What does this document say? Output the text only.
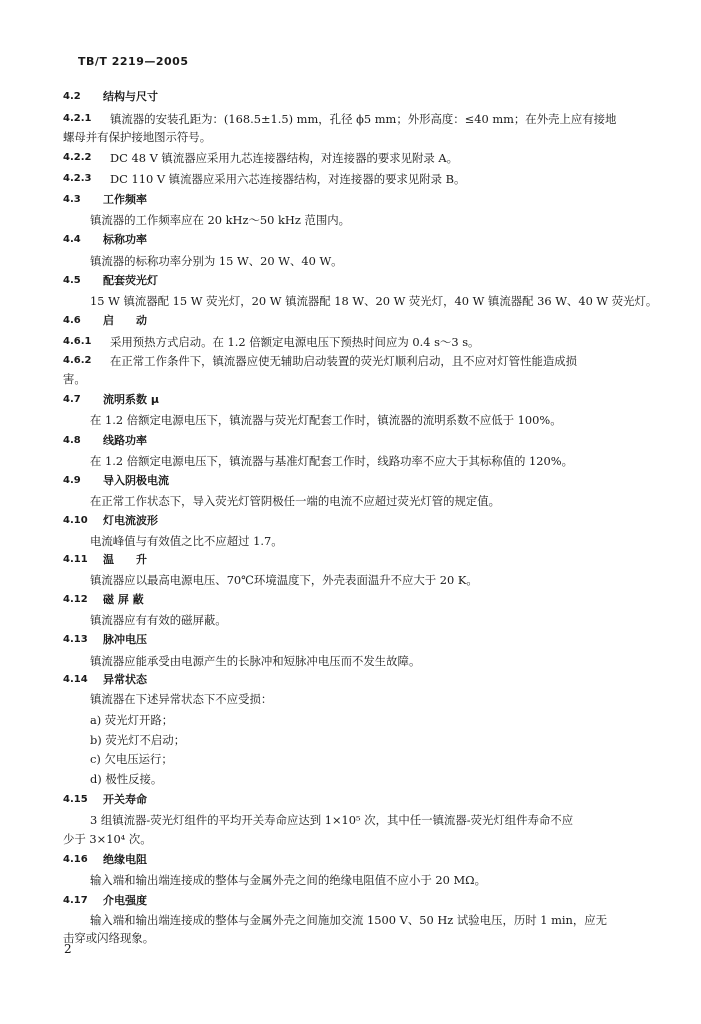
TB/T 2219—2005
4.2 结构与尺寸
4.2.1 镇流器的安装孔距为：(168.5±1.5) mm，孔径 ϕ5 mm；外形高度：≤40 mm；在外壳上应有接地
螺母并有保护接地图示符号。
4.2.2 DC 48 V 镇流器应采用九芯连接器结构，对连接器的要求见附录 A。
4.2.3 DC 110 V 镇流器应采用六芯连接器结构，对连接器的要求见附录 B。
4.3 工作频率
镇流器的工作频率应在 20 kHz～50 kHz 范围内。
4.4 标称功率
镇流器的标称功率分别为 15 W、20 W、40 W。
4.5 配套荧光灯
15 W 镇流器配 15 W 荧光灯，20 W 镇流器配 18 W、20 W 荧光灯，40 W 镇流器配 36 W、40 W 荧光灯。
4.6 启　　动
4.6.1 采用预热方式启动。在 1.2 倍额定电源电压下预热时间应为 0.4 s～3 s。
4.6.2 在正常工作条件下，镇流器应使无辅助启动装置的荧光灯顺利启动，且不应对灯管性能造成损
害。
4.7 流明系数 μ
在 1.2 倍额定电源电压下，镇流器与荧光灯配套工作时，镇流器的流明系数不应低于 100%。
4.8 线路功率
在 1.2 倍额定电源电压下，镇流器与基准灯配套工作时，线路功率不应大于其标称值的 120%。
4.9 导入阴极电流
在正常工作状态下，导入荧光灯管阴极任一端的电流不应超过荧光灯管的规定值。
4.10 灯电流波形
电流峰值与有效值之比不应超过 1.7。
4.11 温　　升
镇流器应以最高电源电压、70℃环境温度下，外壳表面温升不应大于 20 K。
4.12 磁 屏 蔽
镇流器应有有效的磁屏蔽。
4.13 脉冲电压
镇流器应能承受由电源产生的长脉冲和短脉冲电压而不发生故障。
4.14 异常状态
镇流器在下述异常状态下不应受损：
a) 荧光灯开路；
b) 荧光灯不启动；
c) 欠电压运行；
d) 极性反接。
4.15 开关寿命
3 组镇流器-荧光灯组件的平均开关寿命应达到 1×10⁵ 次，其中任一镇流器-荧光灯组件寿命不应
少于 3×10⁴ 次。
4.16 绝缘电阻
输入端和输出端连接成的整体与金属外壳之间的绝缘电阻值不应小于 20 MΩ。
4.17 介电强度
输入端和输出端连接成的整体与金属外壳之间施加交流 1500 V、50 Hz 试验电压，历时 1 min，应无
击穿或闪络现象。
2
